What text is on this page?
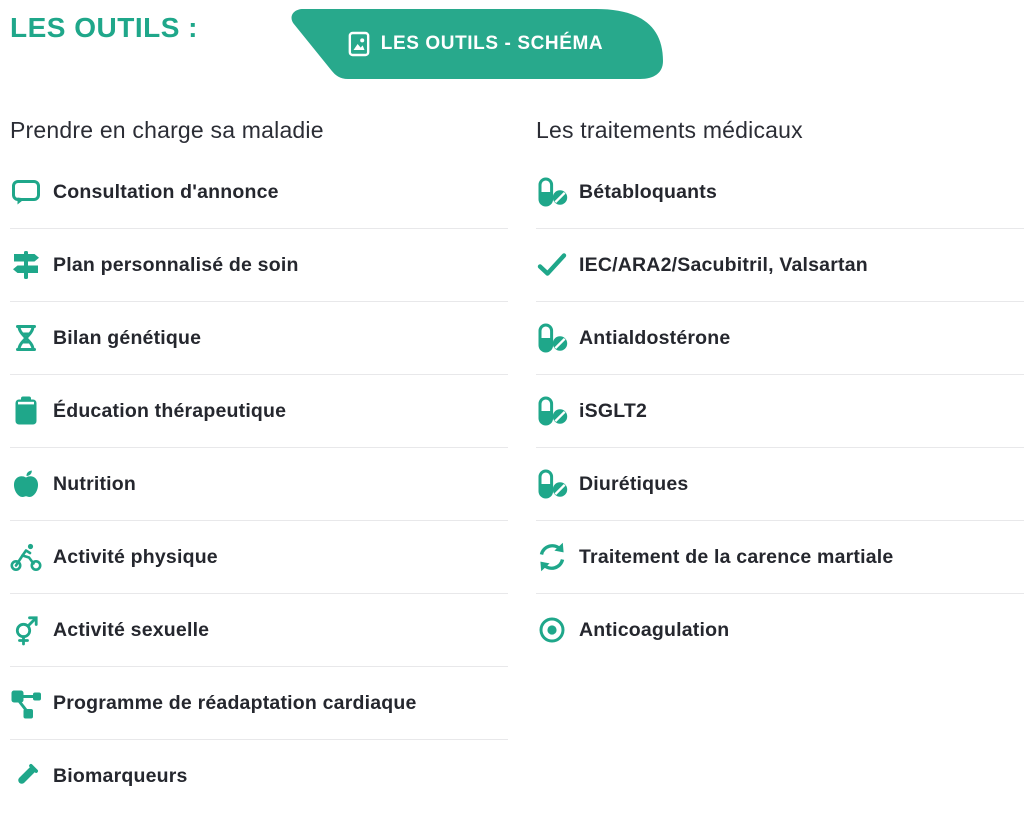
LES OUTILS :
LES OUTILS - SCHÉMA
Prendre en charge sa maladie
Consultation d'annonce
Plan personnalisé de soin
Bilan génétique
Éducation thérapeutique
Nutrition
Activité physique
Activité sexuelle
Programme de réadaptation cardiaque
Biomarqueurs
Les traitements médicaux
Bétabloquants
IEC/ARA2/Sacubitril, Valsartan
Antialdostérone
iSGLT2
Diurétiques
Traitement de la carence martiale
Anticoagulation
